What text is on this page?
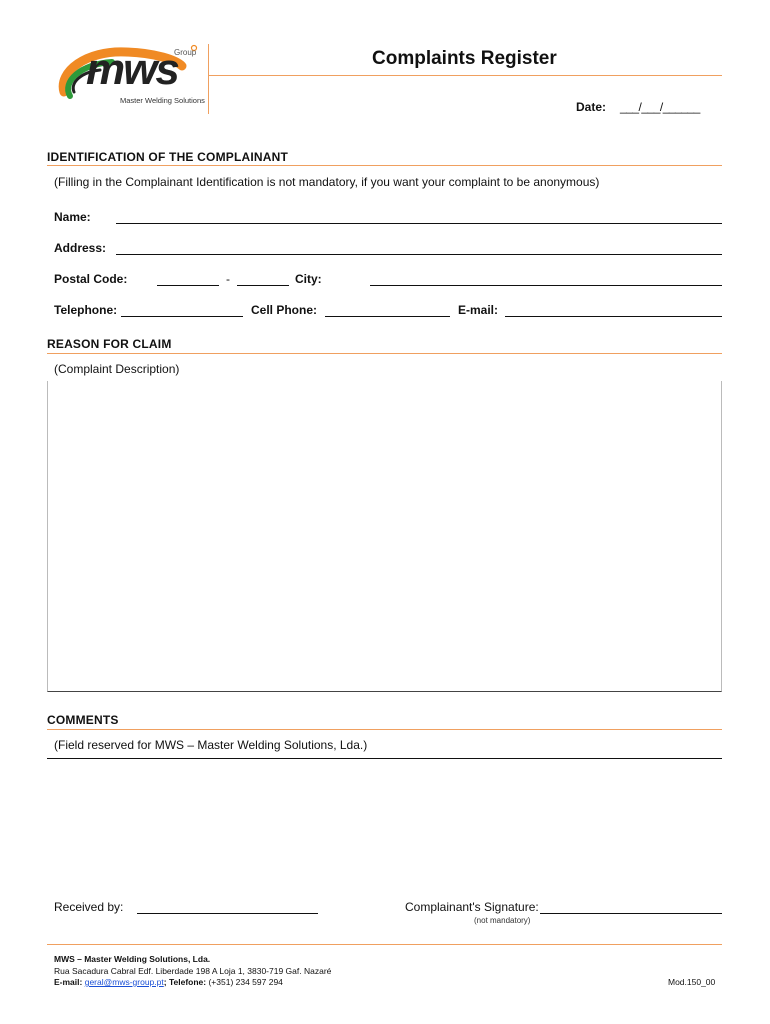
mws
Group
Master Welding Solutions
Complaints Register
Date: ___/___/______
IDENTIFICATION OF THE COMPLAINANT
(Filling in the Complainant Identification is not mandatory, if you want your complaint to be anonymous)
Name:
Address:
Postal Code:	-	City:
Telephone:	Cell Phone:	E-mail:
REASON FOR CLAIM
(Complaint Description)
COMMENTS
(Field reserved for MWS – Master Welding Solutions, Lda.)
Received by:	Complainant's Signature:
(not mandatory)
MWS – Master Welding Solutions, Lda.
Rua Sacadura Cabral Edf. Liberdade 198 A Loja 1, 3830-719 Gaf. Nazaré
E-mail: geral@mws-group.pt; Telefone: (+351) 234 597 294	Mod.150_00
